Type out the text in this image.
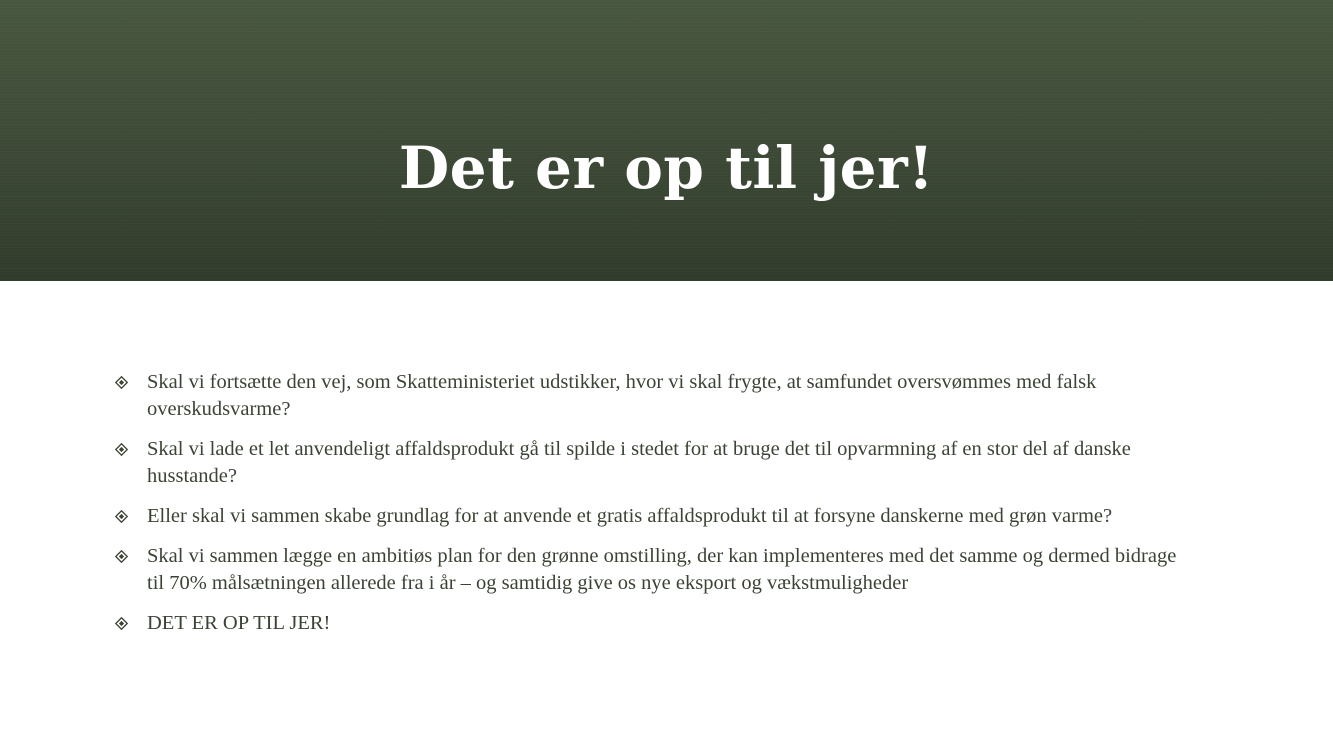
Det er op til jer!
Skal vi fortsætte den vej, som Skatteministeriet udstikker, hvor vi skal frygte, at samfundet oversvømmes med falsk overskudsvarme?
Skal vi lade et let anvendeligt affaldsprodukt gå til spilde i stedet for at bruge det til opvarmning af en stor del af danske husstande?
Eller skal vi sammen skabe grundlag for at anvende et gratis affaldsprodukt til at forsyne danskerne med grøn varme?
Skal vi sammen lægge en ambitiøs plan for den grønne omstilling, der kan implementeres med det samme og dermed bidrage til 70% målsætningen allerede fra i år – og samtidig give os nye eksport og vækstmuligheder
DET ER OP TIL JER!
